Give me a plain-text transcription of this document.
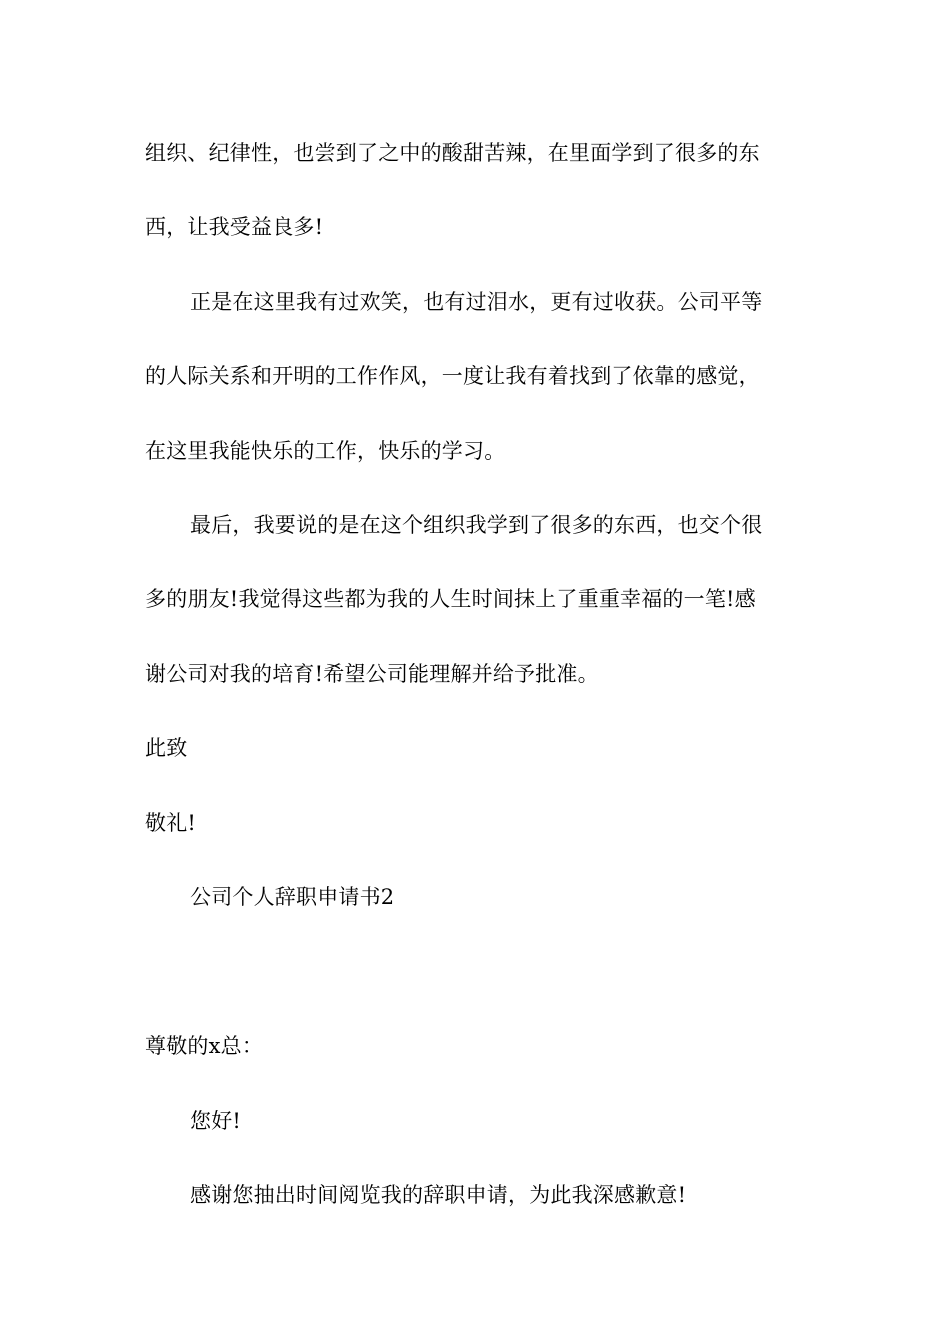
组织、纪律性，也尝到了之中的酸甜苦辣，在里面学到了很多的东
西，让我受益良多!
正是在这里我有过欢笑，也有过泪水，更有过收获。公司平等
的人际关系和开明的工作作风，一度让我有着找到了依靠的感觉，
在这里我能快乐的工作，快乐的学习。
最后，我要说的是在这个组织我学到了很多的东西，也交个很
多的朋友!我觉得这些都为我的人生时间抹上了重重幸福的一笔!感
谢公司对我的培育!希望公司能理解并给予批准。
此致
敬礼!
公司个人辞职申请书2
尊敬的x总：
您好!
感谢您抽出时间阅览我的辞职申请，为此我深感歉意!
